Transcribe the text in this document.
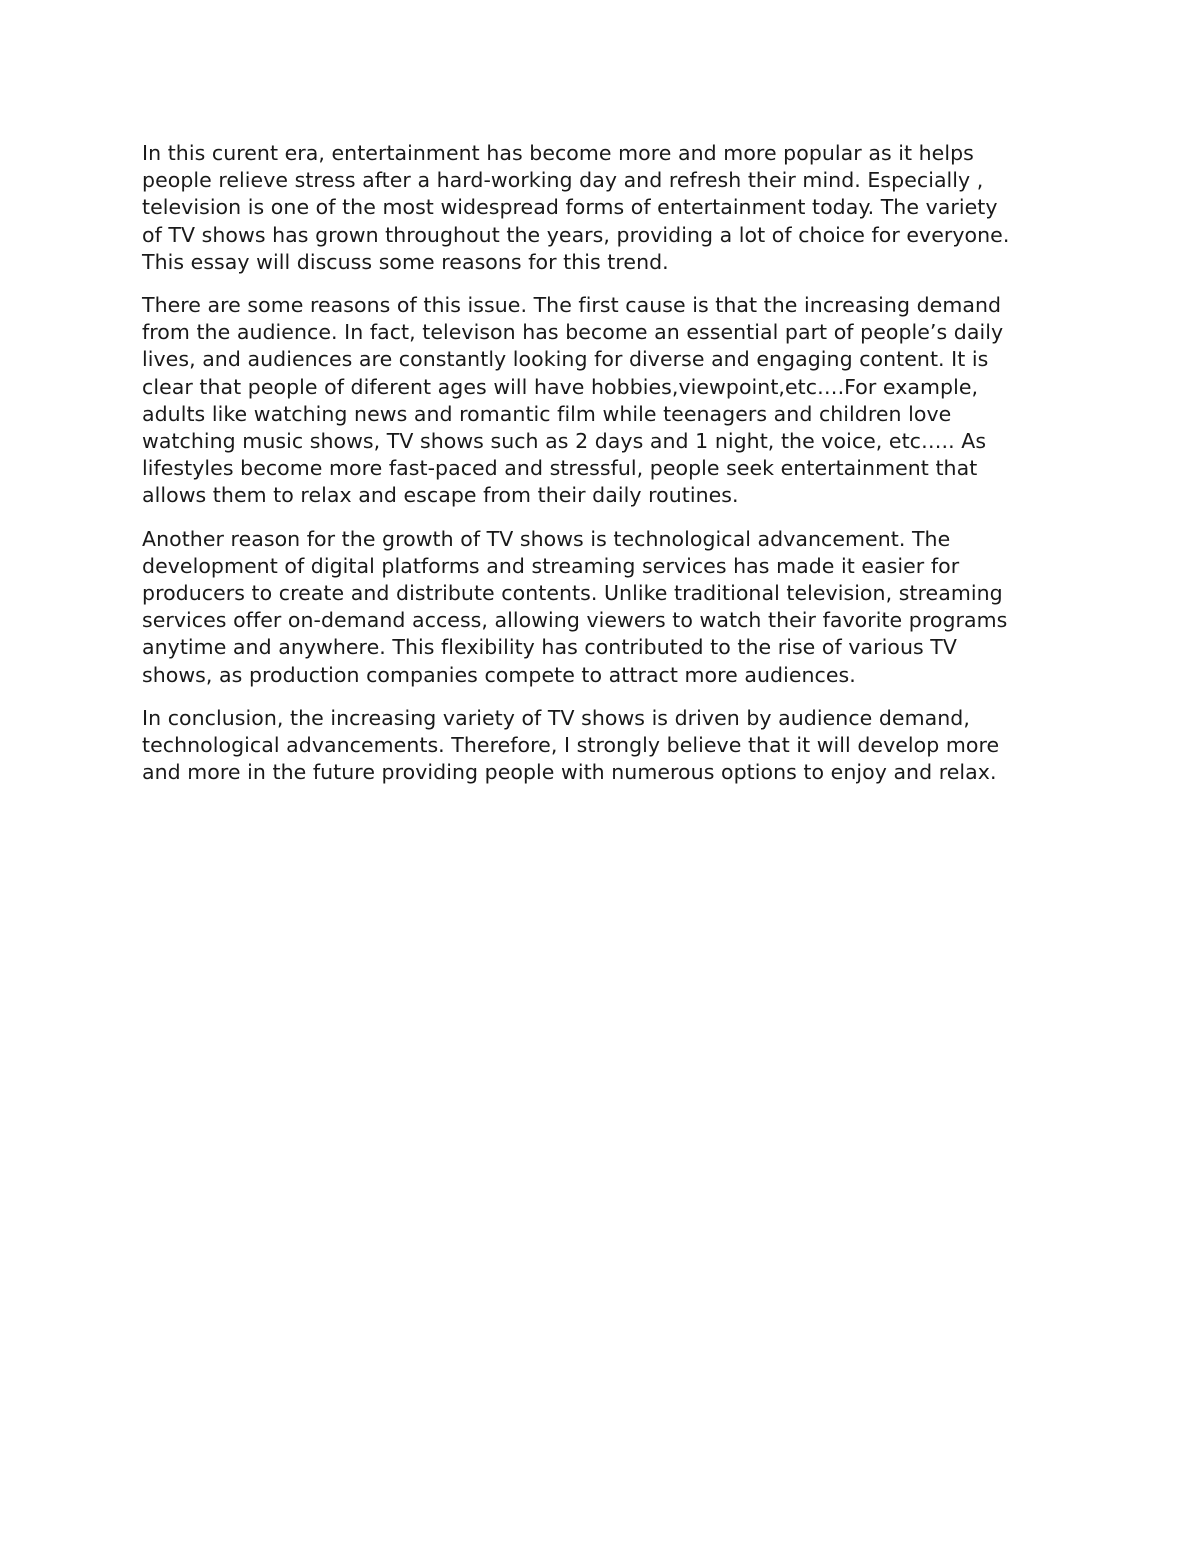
In this curent era, entertainment has become more and more popular as it helps
people relieve stress after a hard-working day and refresh their mind. Especially ,
television is one of the most widespread forms of entertainment today. The variety
of TV shows has grown throughout the years, providing a lot of choice for everyone.
This essay will discuss some reasons for this trend.

There are some reasons of this issue. The first cause is that the increasing demand
from the audience. In fact, televison has become an essential part of people’s daily
lives, and audiences are constantly looking for diverse and engaging content. It is
clear that people of diferent ages will have hobbies,viewpoint,etc….For example,
adults like watching news and romantic film while teenagers and children love
watching music shows, TV shows such as 2 days and 1 night, the voice, etc….. As
lifestyles become more fast-paced and stressful, people seek entertainment that
allows them to relax and escape from their daily routines.

Another reason for the growth of TV shows is technological advancement. The
development of digital platforms and streaming services has made it easier for
producers to create and distribute contents. Unlike traditional television, streaming
services offer on-demand access, allowing viewers to watch their favorite programs
anytime and anywhere. This flexibility has contributed to the rise of various TV
shows, as production companies compete to attract more audiences.

In conclusion, the increasing variety of TV shows is driven by audience demand,
technological advancements. Therefore, I strongly believe that it will develop more
and more in the future providing people with numerous options to enjoy and relax.
